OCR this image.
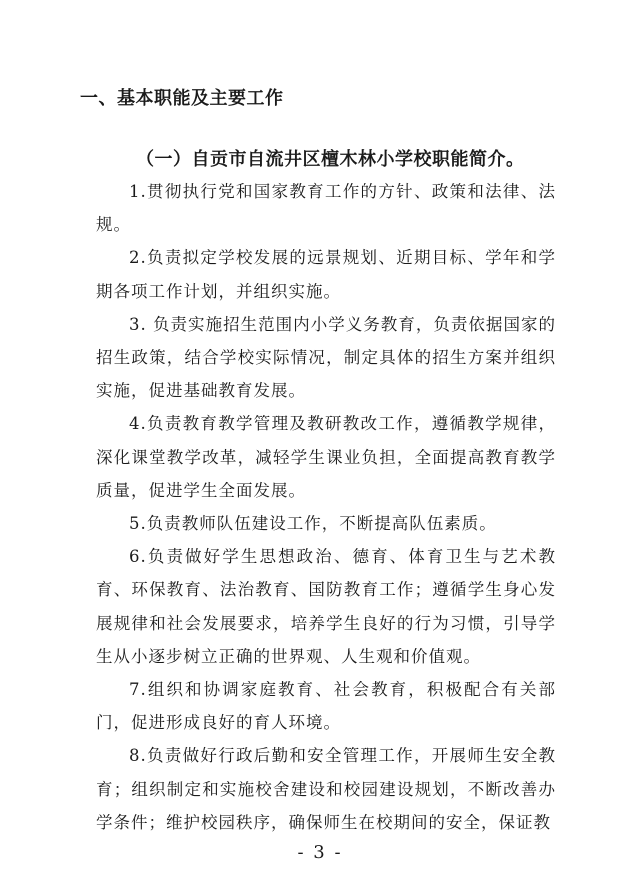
一、基本职能及主要工作
（一）自贡市自流井区檀木林小学校职能简介。

1.贯彻执行党和国家教育工作的方针、政策和法律、法规。

2.负责拟定学校发展的远景规划、近期目标、学年和学期各项工作计划，并组织实施。

3. 负责实施招生范围内小学义务教育，负责依据国家的招生政策，结合学校实际情况，制定具体的招生方案并组织实施，促进基础教育发展。

4.负责教育教学管理及教研教改工作，遵循教学规律，深化课堂教学改革，减轻学生课业负担，全面提高教育教学质量，促进学生全面发展。

5.负责教师队伍建设工作，不断提高队伍素质。

6.负责做好学生思想政治、德育、体育卫生与艺术教育、环保教育、法治教育、国防教育工作；遵循学生身心发展规律和社会发展要求，培养学生良好的行为习惯，引导学生从小逐步树立正确的世界观、人生观和价值观。

7.组织和协调家庭教育、社会教育，积极配合有关部门，促进形成良好的育人环境。

8.负责做好行政后勤和安全管理工作，开展师生安全教育；组织制定和实施校舍建设和校园建设规划，不断改善办学条件；维护校园秩序，确保师生在校期间的安全，保证教

- 3 -
